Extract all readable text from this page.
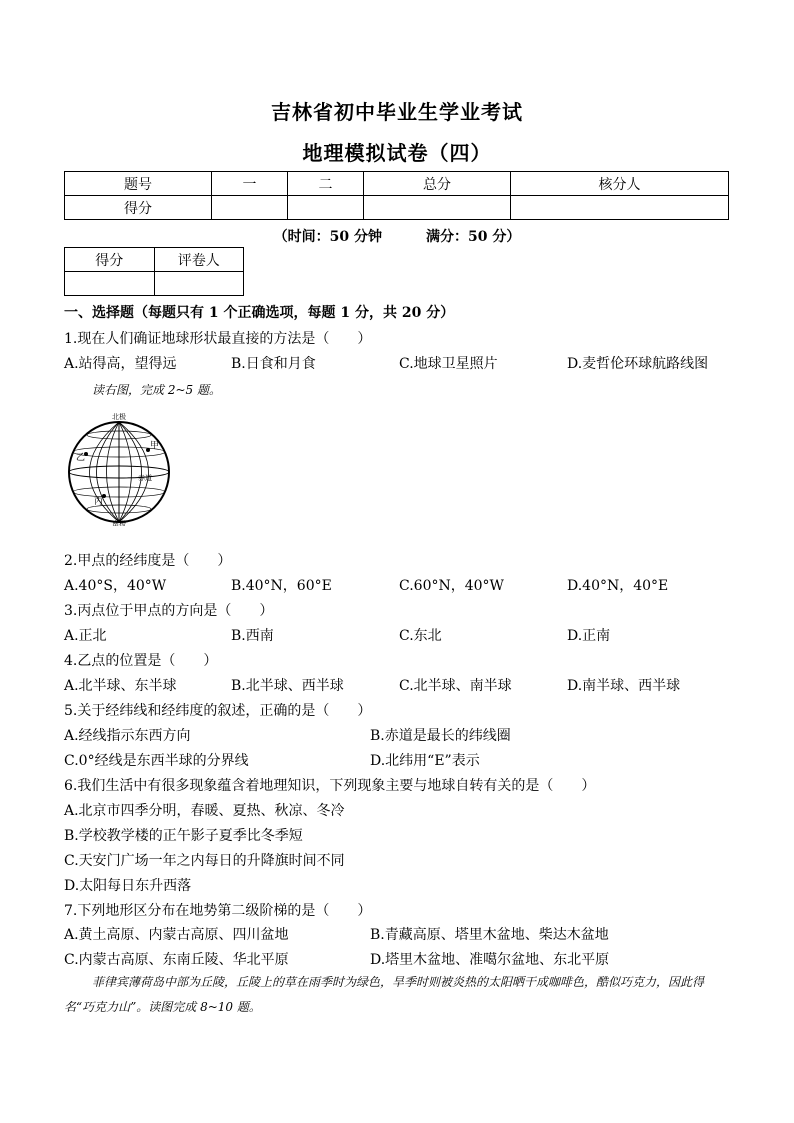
吉林省初中毕业生学业考试
地理模拟试卷（四）
题号	一	二	总分	核分人
得分				
（时间：50 分钟	满分：50 分）
得分	评卷人

一、选择题（每题只有 1 个正确选项，每题 1 分，共 20 分）
1.现在人们确证地球形状最直接的方法是（　　）
A.站得高，望得远	B.日食和月食	C.地球卫星照片	D.麦哲伦环球航路线图
读右图，完成 2~5 题。
北极
甲
乙
丙
赤道
南极
2.甲点的经纬度是（　　）
A.40°S，40°W	B.40°N，60°E	C.60°N，40°W	D.40°N，40°E
3.丙点位于甲点的方向是（　　）
A.正北	B.西南	C.东北	D.正南
4.乙点的位置是（　　）
A.北半球、东半球	B.北半球、西半球	C.北半球、南半球	D.南半球、西半球
5.关于经纬线和经纬度的叙述，正确的是（　　）
A.经线指示东西方向	B.赤道是最长的纬线圈
C.0°经线是东西半球的分界线	D.北纬用“E”表示
6.我们生活中有很多现象蕴含着地理知识，下列现象主要与地球自转有关的是（　　）
A.北京市四季分明，春暖、夏热、秋凉、冬冷
B.学校教学楼的正午影子夏季比冬季短
C.天安门广场一年之内每日的升降旗时间不同
D.太阳每日东升西落
7.下列地形区分布在地势第二级阶梯的是（　　）
A.黄土高原、内蒙古高原、四川盆地	B.青藏高原、塔里木盆地、柴达木盆地
C.内蒙古高原、东南丘陵、华北平原	D.塔里木盆地、准噶尔盆地、东北平原
菲律宾薄荷岛中部为丘陵，丘陵上的草在雨季时为绿色，旱季时则被炎热的太阳晒干成咖啡色，酷似巧克力，因此得名“巧克力山”。读图完成 8~10 题。
